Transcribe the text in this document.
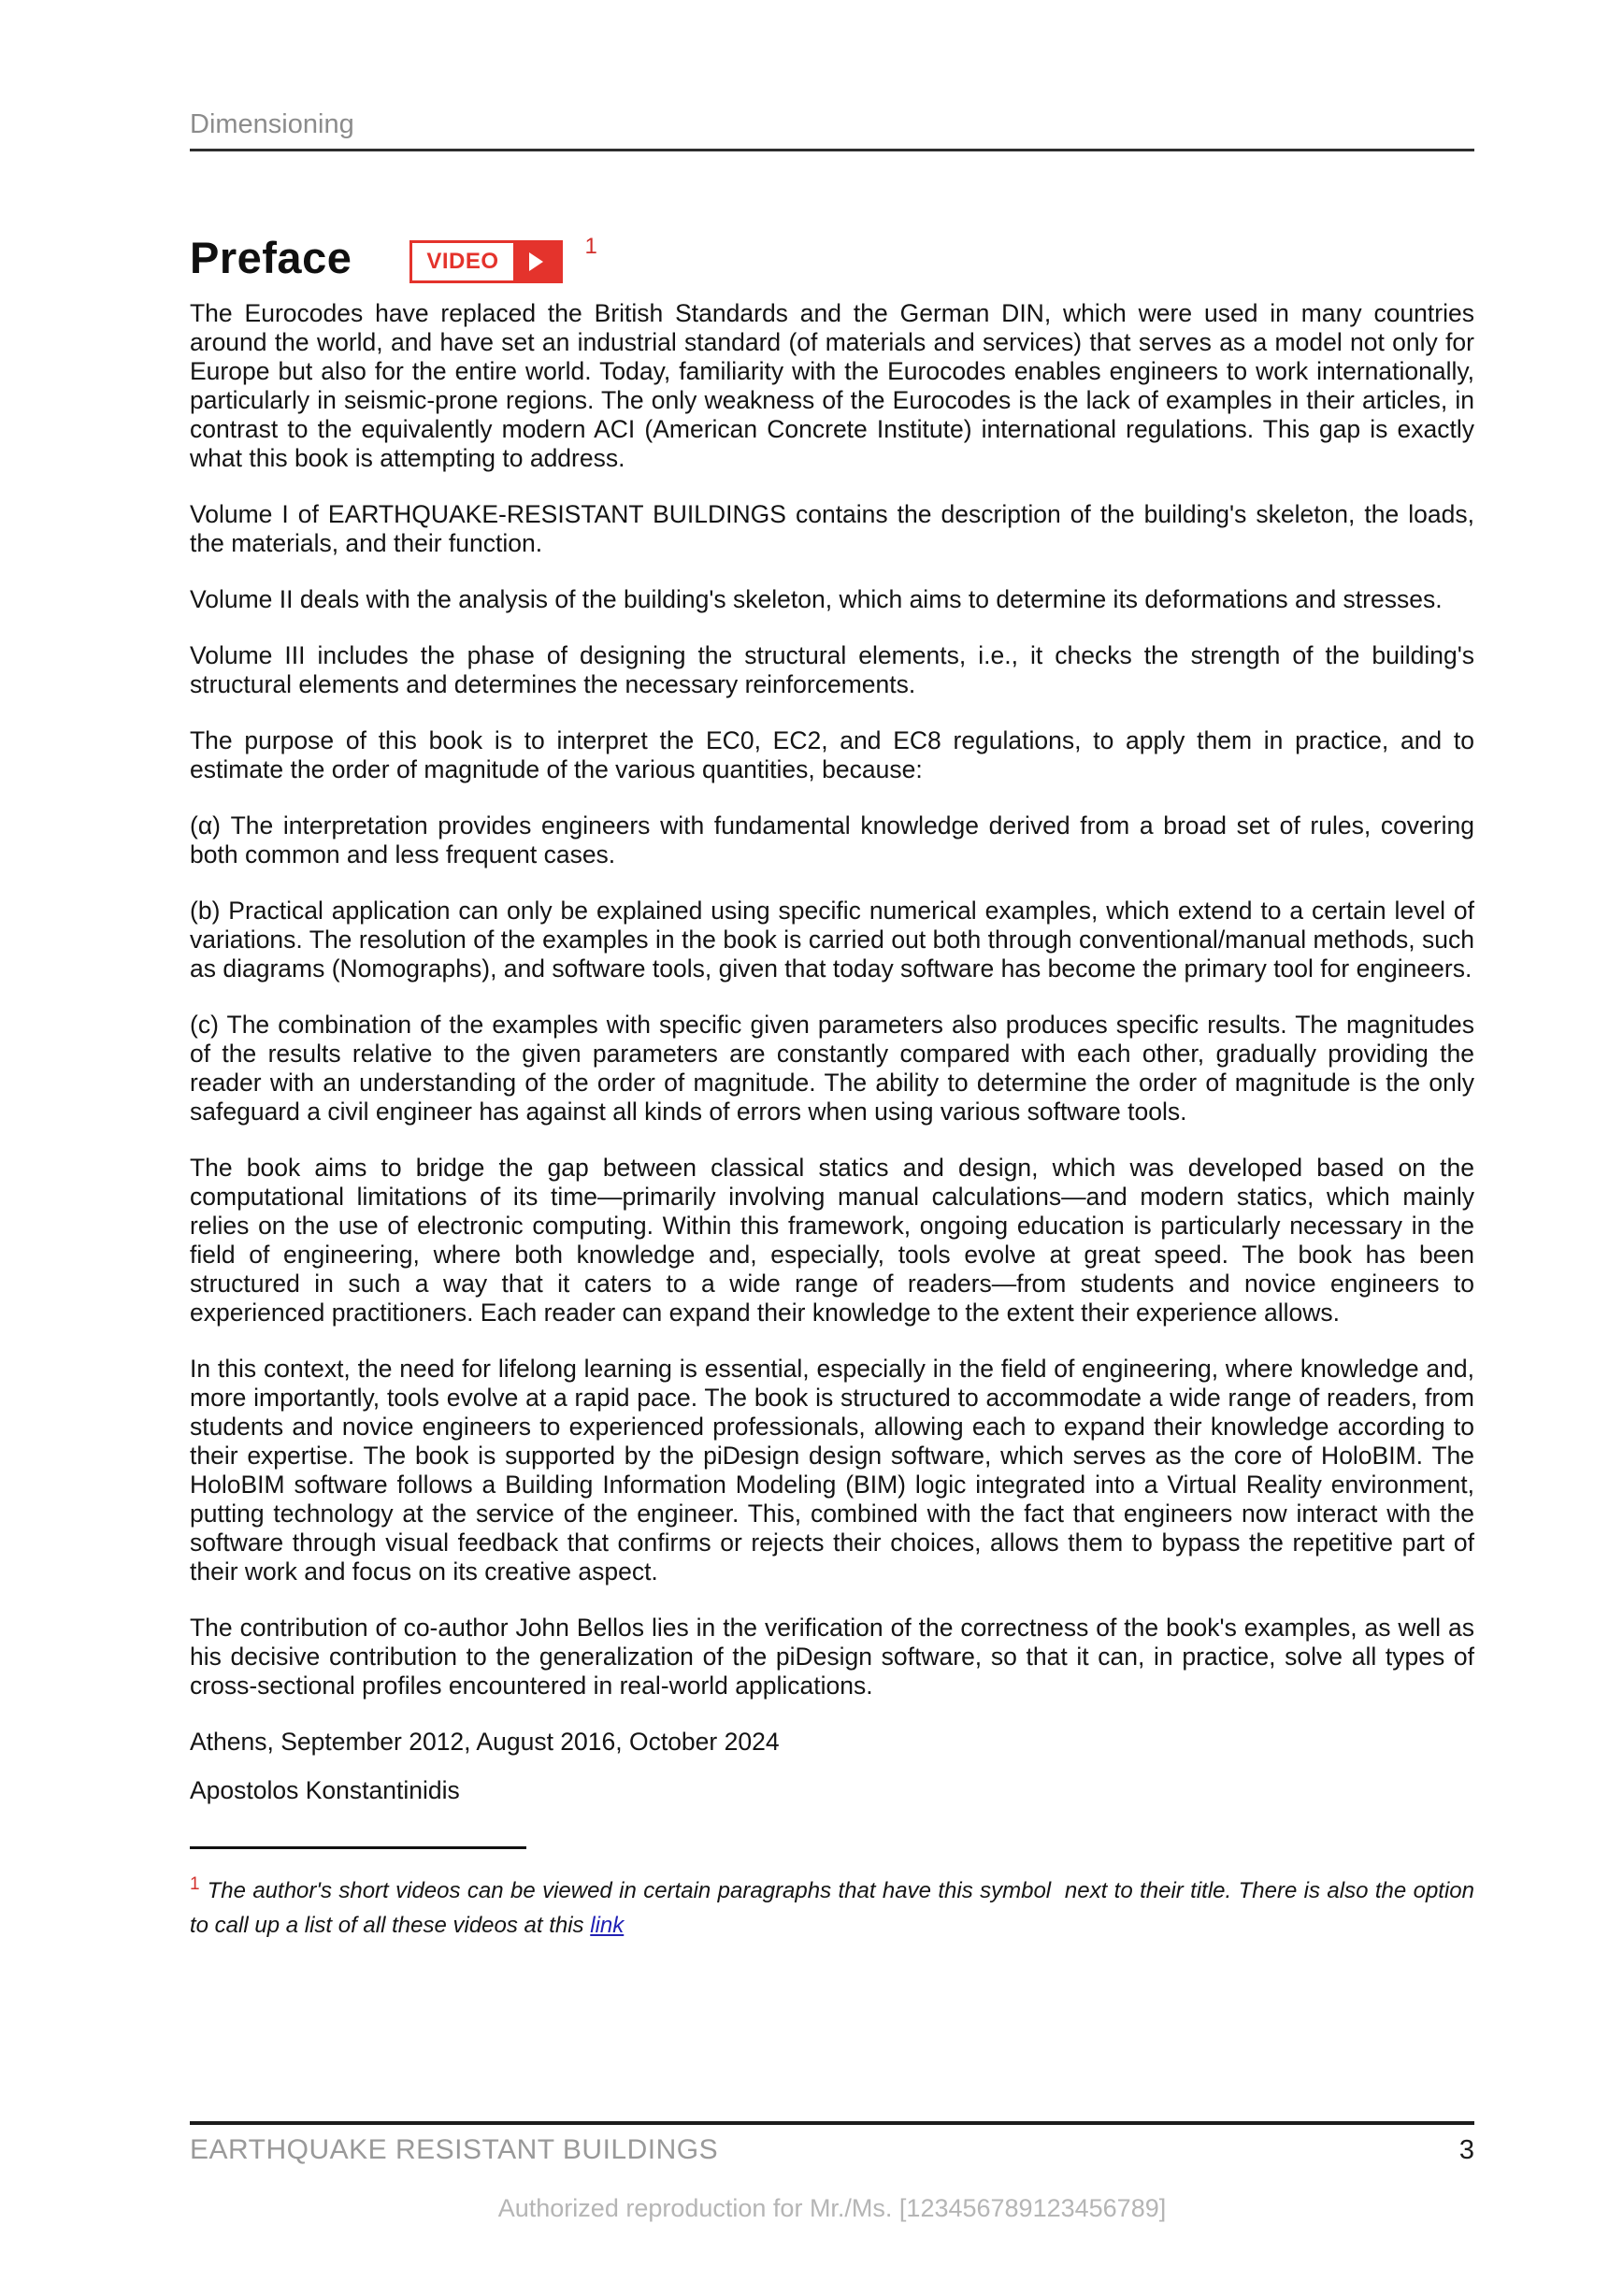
Dimensioning
Preface	VIDEO
1

The Eurocodes have replaced the British Standards and the German DIN, which were used in many countries around the world, and have set an industrial standard (of materials and services) that serves as a model not only for Europe but also for the entire world. Today, familiarity with the Eurocodes enables engineers to work internationally, particularly in seismic-prone regions. The only weakness of the Eurocodes is the lack of examples in their articles, in contrast to the equivalently modern ACI (American Concrete Institute) international regulations. This gap is exactly what this book is attempting to address.

Volume I of EARTHQUAKE-RESISTANT BUILDINGS contains the description of the building's skeleton, the loads, the materials, and their function.

Volume II deals with the analysis of the building's skeleton, which aims to determine its deformations and stresses.

Volume III includes the phase of designing the structural elements, i.e., it checks the strength of the building's structural elements and determines the necessary reinforcements.

The purpose of this book is to interpret the EC0, EC2, and EC8 regulations, to apply them in practice, and to estimate the order of magnitude of the various quantities, because:

(α) The interpretation provides engineers with fundamental knowledge derived from a broad set of rules, covering both common and less frequent cases.

(b) Practical application can only be explained using specific numerical examples, which extend to a certain level of variations. The resolution of the examples in the book is carried out both through conventional/manual methods, such as diagrams (Nomographs), and software tools, given that today software has become the primary tool for engineers.

(c) The combination of the examples with specific given parameters also produces specific results. The magnitudes of the results relative to the given parameters are constantly compared with each other, gradually providing the reader with an understanding of the order of magnitude. The ability to determine the order of magnitude is the only safeguard a civil engineer has against all kinds of errors when using various software tools.

The book aims to bridge the gap between classical statics and design, which was developed based on the computational limitations of its time—primarily involving manual calculations—and modern statics, which mainly relies on the use of electronic computing. Within this framework, ongoing education is particularly necessary in the field of engineering, where both knowledge and, especially, tools evolve at great speed. The book has been structured in such a way that it caters to a wide range of readers—from students and novice engineers to experienced practitioners. Each reader can expand their knowledge to the extent their experience allows.

In this context, the need for lifelong learning is essential, especially in the field of engineering, where knowledge and, more importantly, tools evolve at a rapid pace. The book is structured to accommodate a wide range of readers, from students and novice engineers to experienced professionals, allowing each to expand their knowledge according to their expertise. The book is supported by the piDesign design software, which serves as the core of HoloBIM. The HoloBIM software follows a Building Information Modeling (BIM) logic integrated into a Virtual Reality environment, putting technology at the service of the engineer. This, combined with the fact that engineers now interact with the software through visual feedback that confirms or rejects their choices, allows them to bypass the repetitive part of their work and focus on its creative aspect.

The contribution of co-author John Bellos lies in the verification of the correctness of the book's examples, as well as his decisive contribution to the generalization of the piDesign software, so that it can, in practice, solve all types of cross-sectional profiles encountered in real-world applications.

Athens, September 2012, August 2016, October 2024

Apostolos Konstantinidis

$^1$ The author's short videos can be viewed in certain paragraphs that have this symbol  next to their title. There is also the option to call up a list of all these videos at this link
EARTHQUAKE RESISTANT BUILDINGS	3
Authorized reproduction for Mr./Ms. [123456789123456789]
